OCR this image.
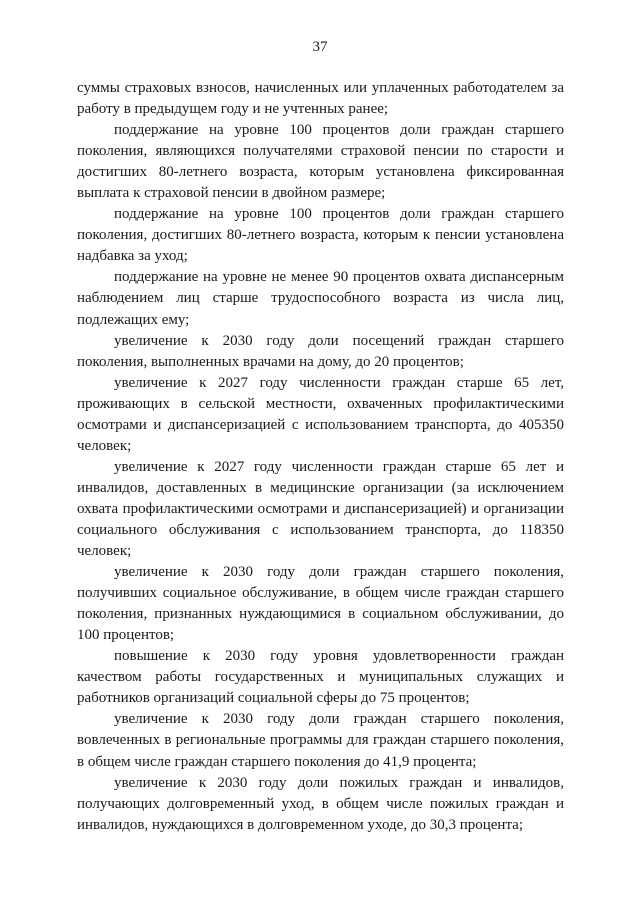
37

суммы страховых взносов, начисленных или уплаченных работодателем за работу в предыдущем году и не учтенных ранее;

поддержание на уровне 100 процентов доли граждан старшего поколения, являющихся получателями страховой пенсии по старости и достигших 80-летнего возраста, которым установлена фиксированная выплата к страховой пенсии в двойном размере;

поддержание на уровне 100 процентов доли граждан старшего поколения, достигших 80-летнего возраста, которым к пенсии установлена надбавка за уход;

поддержание на уровне не менее 90 процентов охвата диспансерным наблюдением лиц старше трудоспособного возраста из числа лиц, подлежащих ему;

увеличение к 2030 году доли посещений граждан старшего поколения, выполненных врачами на дому, до 20 процентов;

увеличение к 2027 году численности граждан старше 65 лет, проживающих в сельской местности, охваченных профилактическими осмотрами и диспансеризацией с использованием транспорта, до 405350 человек;

увеличение к 2027 году численности граждан старше 65 лет и инвалидов, доставленных в медицинские организации (за исключением охвата профилактическими осмотрами и диспансеризацией) и организации социального обслуживания с использованием транспорта, до 118350 человек;

увеличение к 2030 году доли граждан старшего поколения, получивших социальное обслуживание, в общем числе граждан старшего поколения, признанных нуждающимися в социальном обслуживании, до 100 процентов;

повышение к 2030 году уровня удовлетворенности граждан качеством работы государственных и муниципальных служащих и работников организаций социальной сферы до 75 процентов;

увеличение к 2030 году доли граждан старшего поколения, вовлеченных в региональные программы для граждан старшего поколения, в общем числе граждан старшего поколения до 41,9 процента;

увеличение к 2030 году доли пожилых граждан и инвалидов, получающих долговременный уход, в общем числе пожилых граждан и инвалидов, нуждающихся в долговременном уходе, до 30,3 процента;
